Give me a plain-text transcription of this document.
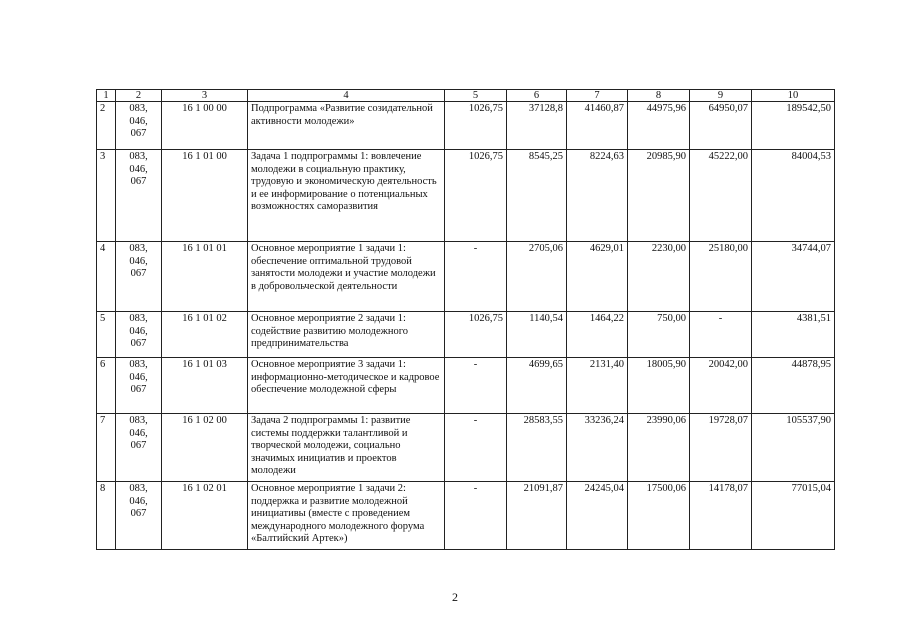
1	2	3	4	5	6	7	8	9	10
2	083,
046,
067	16 1 00 00	Подпрограмма «Развитие созидательной активности молодежи»	1026,75	37128,8	41460,87	44975,96	64950,07	189542,50
3	083,
046,
067	16 1 01 00	Задача 1 подпрограммы 1: вовлечение молодежи в социальную практику, трудовую и экономическую деятельность и ее информирование о потенциальных возможностях саморазвития	1026,75	8545,25	8224,63	20985,90	45222,00	84004,53
4	083,
046,
067	16 1 01 01	Основное мероприятие 1 задачи 1: обеспечение оптимальной трудовой занятости молодежи и участие молодежи в добровольческой деятельности	-	2705,06	4629,01	2230,00	25180,00	34744,07
5	083,
046,
067	16 1 01 02	Основное мероприятие 2 задачи 1: содействие развитию молодежного предпринимательства	1026,75	1140,54	1464,22	750,00	-	4381,51
6	083,
046,
067	16 1 01 03	Основное мероприятие 3 задачи 1: информационно-методическое и кадровое обеспечение молодежной сферы	-	4699,65	2131,40	18005,90	20042,00	44878,95
7	083,
046,
067	16 1 02 00	Задача 2 подпрограммы 1: развитие системы поддержки талантливой и творческой молодежи, социально значимых инициатив и проектов молодежи	-	28583,55	33236,24	23990,06	19728,07	105537,90
8	083,
046,
067	16 1 02 01	Основное мероприятие 1 задачи 2: поддержка и развитие молодежной инициативы (вместе с проведением международного молодежного форума «Балтийский Артек»)	-	21091,87	24245,04	17500,06	14178,07	77015,04
2
